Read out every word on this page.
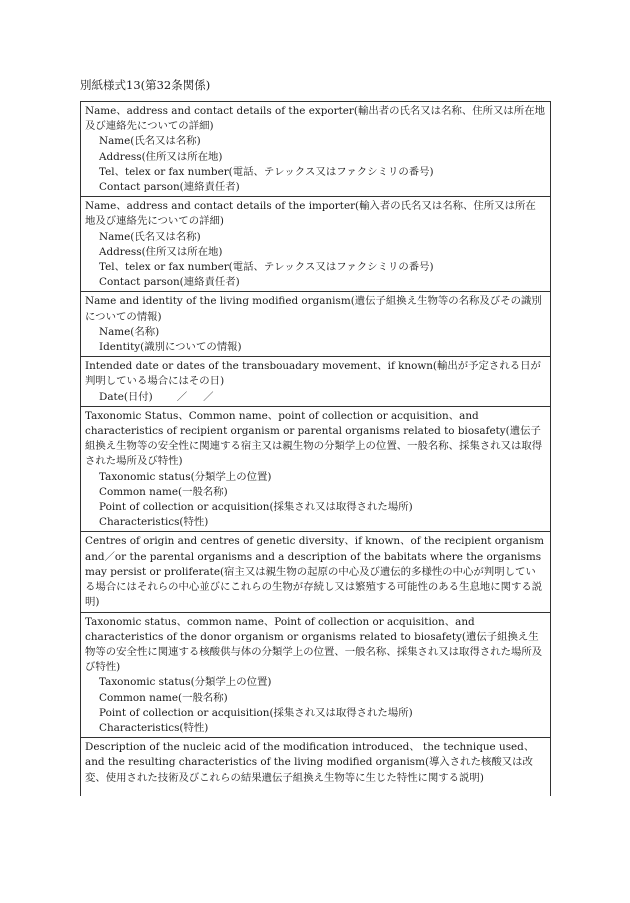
別紙様式13(第32条関係)
Name、address and contact details of the exporter(輸出者の氏名又は名称、住所又は所在地及び連絡先についての詳細)
Name(氏名又は名称)
Address(住所又は所在地)
Tel、telex or fax number(電話、テレックス又はファクシミリの番号)
Contact parson(連絡責任者)
Name、address and contact details of the importer(輸入者の氏名又は名称、住所又は所在地及び連絡先についての詳細)
Name(氏名又は名称)
Address(住所又は所在地)
Tel、telex or fax number(電話、テレックス又はファクシミリの番号)
Contact parson(連絡責任者)
Name and identity of the living modified organism(遺伝子組換え生物等の名称及びその識別についての情報)
Name(名称)
Identity(識別についての情報)
Intended date or dates of the transbouadary movement、if known(輸出が予定される日が判明している場合にはその日)
Date(日付) ／ ／
Taxonomic Status、Common name、point of collection or acquisition、and characteristics of recipient organism or parental organisms related to biosafety(遺伝子組換え生物等の安全性に関連する宿主又は親生物の分類学上の位置、一般名称、採集され又は取得された場所及び特性)
Taxonomic status(分類学上の位置)
Common name(一般名称)
Point of collection or acquisition(採集され又は取得された場所)
Characteristics(特性)
Centres of origin and centres of genetic diversity、if known、of the recipient organism and／or the parental organisms and a description of the babitats where the organisms may persist or proliferate(宿主又は親生物の起原の中心及び遺伝的多様性の中心が判明している場合にはそれらの中心並びにこれらの生物が存続し又は繁殖する可能性のある生息地に関する説明)
Taxonomic status、common name、Point of collection or acquisition、and characteristics of the donor organism or organisms related to biosafety(遺伝子組換え生物等の安全性に関連する核酸供与体の分類学上の位置、一般名称、採集され又は取得された場所及び特性)
Taxonomic status(分類学上の位置)
Common name(一般名称)
Point of collection or acquisition(採集され又は取得された場所)
Characteristics(特性)
Description of the nucleic acid of the modification introduced、 the technique used、and the resulting characteristics of the living modified organism(導入された核酸又は改変、使用された技術及びこれらの結果遺伝子組換え生物等に生じた特性に関する説明)
